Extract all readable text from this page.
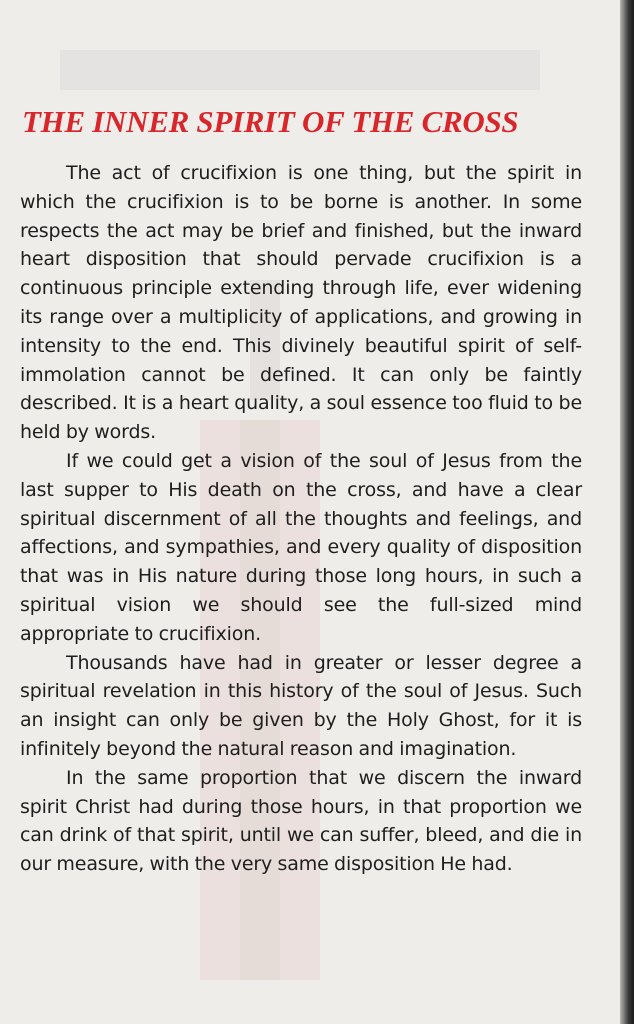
THE INNER SPIRIT OF THE CROSS

The act of crucifixion is one thing, but the spirit in which the crucifixion is to be borne is another. In some respects the act may be brief and finished, but the inward heart disposition that should pervade crucifixion is a continuous principle extending through life, ever widening its range over a multiplicity of applications, and growing in intensity to the end. This divinely beautiful spirit of self-immolation cannot be defined. It can only be faintly described. It is a heart quality, a soul essence too fluid to be held by words.

If we could get a vision of the soul of Jesus from the last supper to His death on the cross, and have a clear spiritual discernment of all the thoughts and feelings, and affections, and sympathies, and every quality of disposition that was in His nature during those long hours, in such a spiritual vision we should see the full-sized mind appropriate to crucifixion.

Thousands have had in greater or lesser degree a spiritual revelation in this history of the soul of Jesus. Such an insight can only be given by the Holy Ghost, for it is infinitely beyond the natural reason and imagination.

In the same proportion that we discern the inward spirit Christ had during those hours, in that proportion we can drink of that spirit, until we can suffer, bleed, and die in our measure, with the very same disposition He had.
